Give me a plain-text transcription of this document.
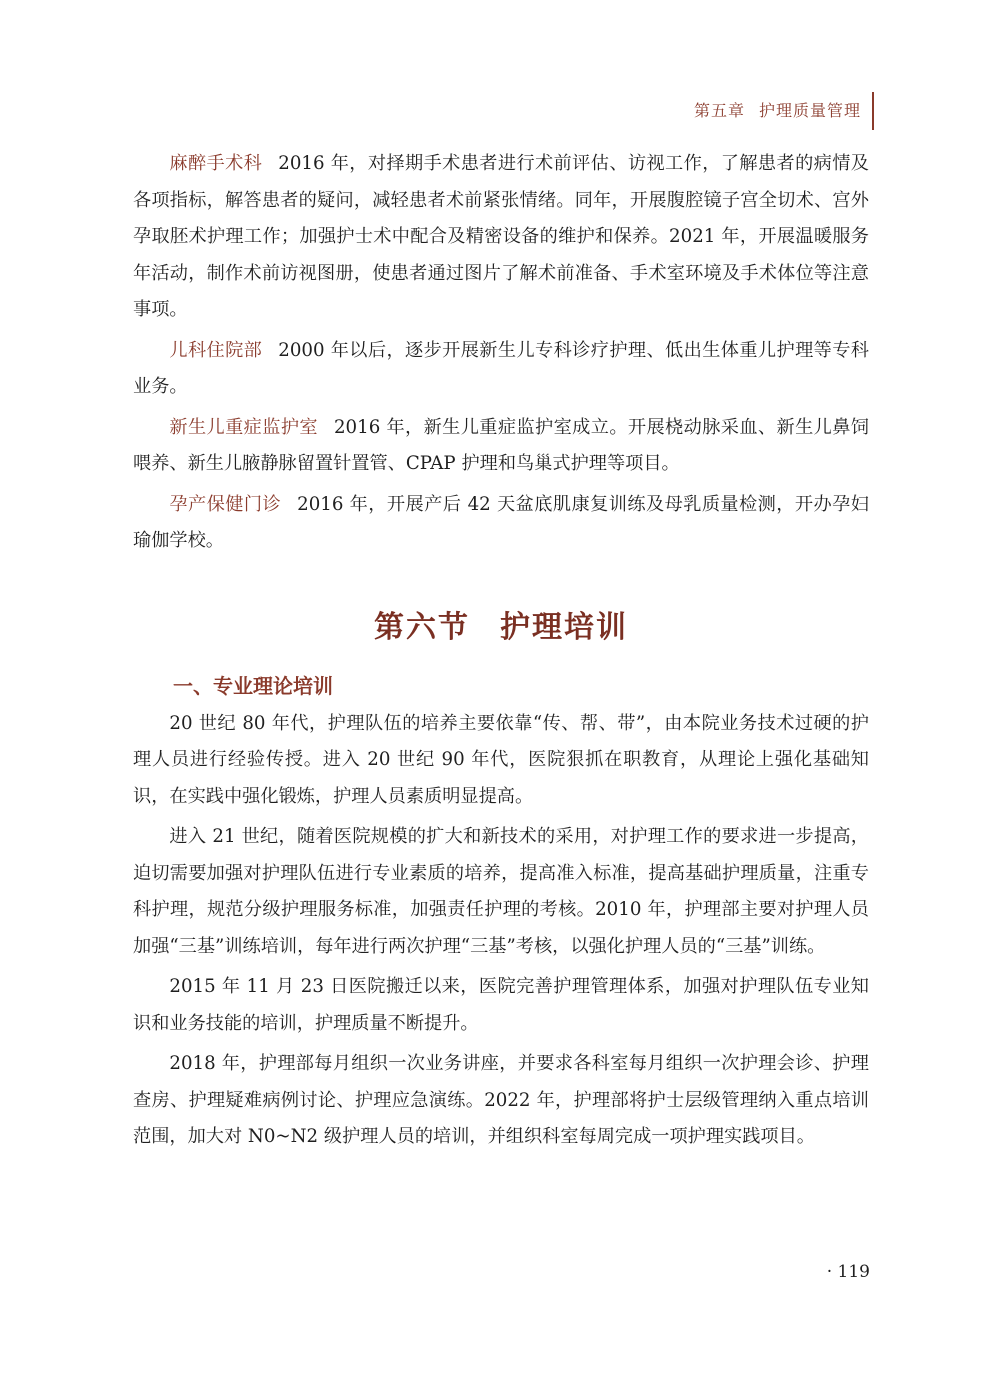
第五章 护理质量管理

麻醉手术科 2016 年，对择期手术患者进行术前评估、访视工作，了解患者的病情及各项指标，解答患者的疑问，减轻患者术前紧张情绪。同年，开展腹腔镜子宫全切术、宫外孕取胚术护理工作；加强护士术中配合及精密设备的维护和保养。2021 年，开展温暖服务年活动，制作术前访视图册，使患者通过图片了解术前准备、手术室环境及手术体位等注意事项。

儿科住院部 2000 年以后，逐步开展新生儿专科诊疗护理、低出生体重儿护理等专科业务。

新生儿重症监护室 2016 年，新生儿重症监护室成立。开展桡动脉采血、新生儿鼻饲喂养、新生儿腋静脉留置针置管、CPAP 护理和鸟巢式护理等项目。

孕产保健门诊 2016 年，开展产后 42 天盆底肌康复训练及母乳质量检测，开办孕妇瑜伽学校。

第六节 护理培训
一、专业理论培训

20 世纪 80 年代，护理队伍的培养主要依靠“传、帮、带”，由本院业务技术过硬的护理人员进行经验传授。进入 20 世纪 90 年代，医院狠抓在职教育，从理论上强化基础知识，在实践中强化锻炼，护理人员素质明显提高。

进入 21 世纪，随着医院规模的扩大和新技术的采用，对护理工作的要求进一步提高，迫切需要加强对护理队伍进行专业素质的培养，提高准入标准，提高基础护理质量，注重专科护理，规范分级护理服务标准，加强责任护理的考核。2010 年，护理部主要对护理人员加强“三基”训练培训，每年进行两次护理“三基”考核，以强化护理人员的“三基”训练。

2015 年 11 月 23 日医院搬迁以来，医院完善护理管理体系，加强对护理队伍专业知识和业务技能的培训，护理质量不断提升。

2018 年，护理部每月组织一次业务讲座，并要求各科室每月组织一次护理会诊、护理查房、护理疑难病例讨论、护理应急演练。2022 年，护理部将护士层级管理纳入重点培训范围，加大对 N0~N2 级护理人员的培训，并组织科室每周完成一项护理实践项目。

· 119
